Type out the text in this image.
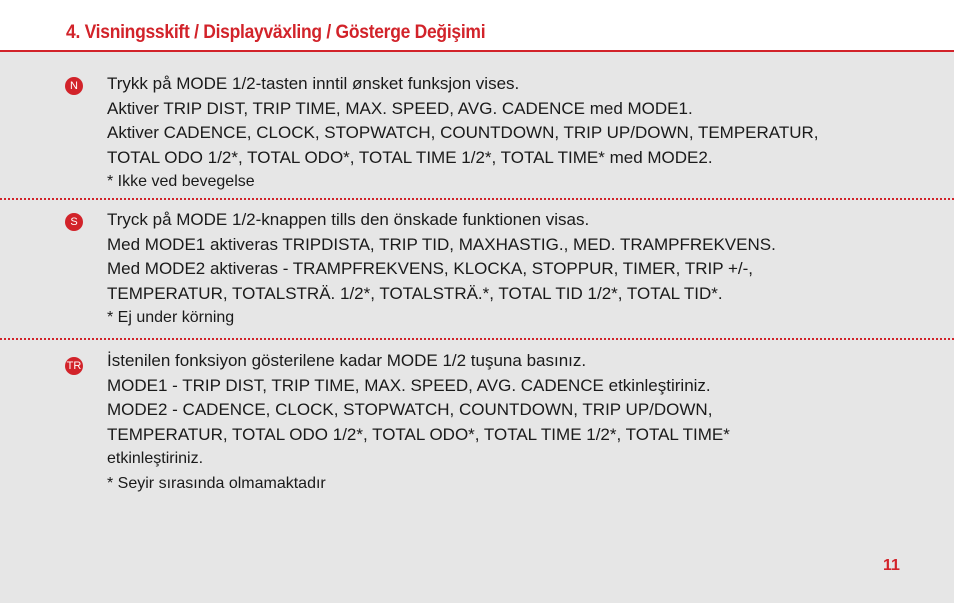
4. Visningsskift / Displayväxling / Gösterge Değişimi
N Trykk på MODE 1/2-tasten inntil ønsket funksjon vises.
Aktiver TRIP DIST, TRIP TIME, MAX. SPEED, AVG. CADENCE med MODE1.
Aktiver CADENCE, CLOCK, STOPWATCH, COUNTDOWN, TRIP UP/DOWN, TEMPERATUR,
TOTAL ODO 1/2*, TOTAL ODO*, TOTAL TIME 1/2*, TOTAL TIME* med MODE2.
* Ikke ved bevegelse
S	Tryck på MODE 1/2-knappen tills den önskade funktionen visas.
Med MODE1 aktiveras TRIPDISTA, TRIP TID, MAXHASTIG., MED. TRAMPFREKVENS.
Med MODE2 aktiveras - TRAMPFREKVENS, KLOCKA, STOPPUR, TIMER, TRIP +/-,
TEMPERATUR, TOTALSTRÄ. 1/2*, TOTALSTRÄ.*, TOTAL TID 1/2*, TOTAL TID*.
* Ej under körning
TR İstenilen fonksiyon gösterilene kadar MODE 1/2 tuşuna basınız.
MODE1 - TRIP DIST, TRIP TIME, MAX. SPEED, AVG. CADENCE etkinleştiriniz.
MODE2 - CADENCE, CLOCK, STOPWATCH, COUNTDOWN, TRIP UP/DOWN,
TEMPERATUR, TOTAL ODO 1/2*, TOTAL ODO*, TOTAL TIME 1/2*, TOTAL TIME*
etkinleştiriniz.
* Seyir sırasında olmamaktadır
11
